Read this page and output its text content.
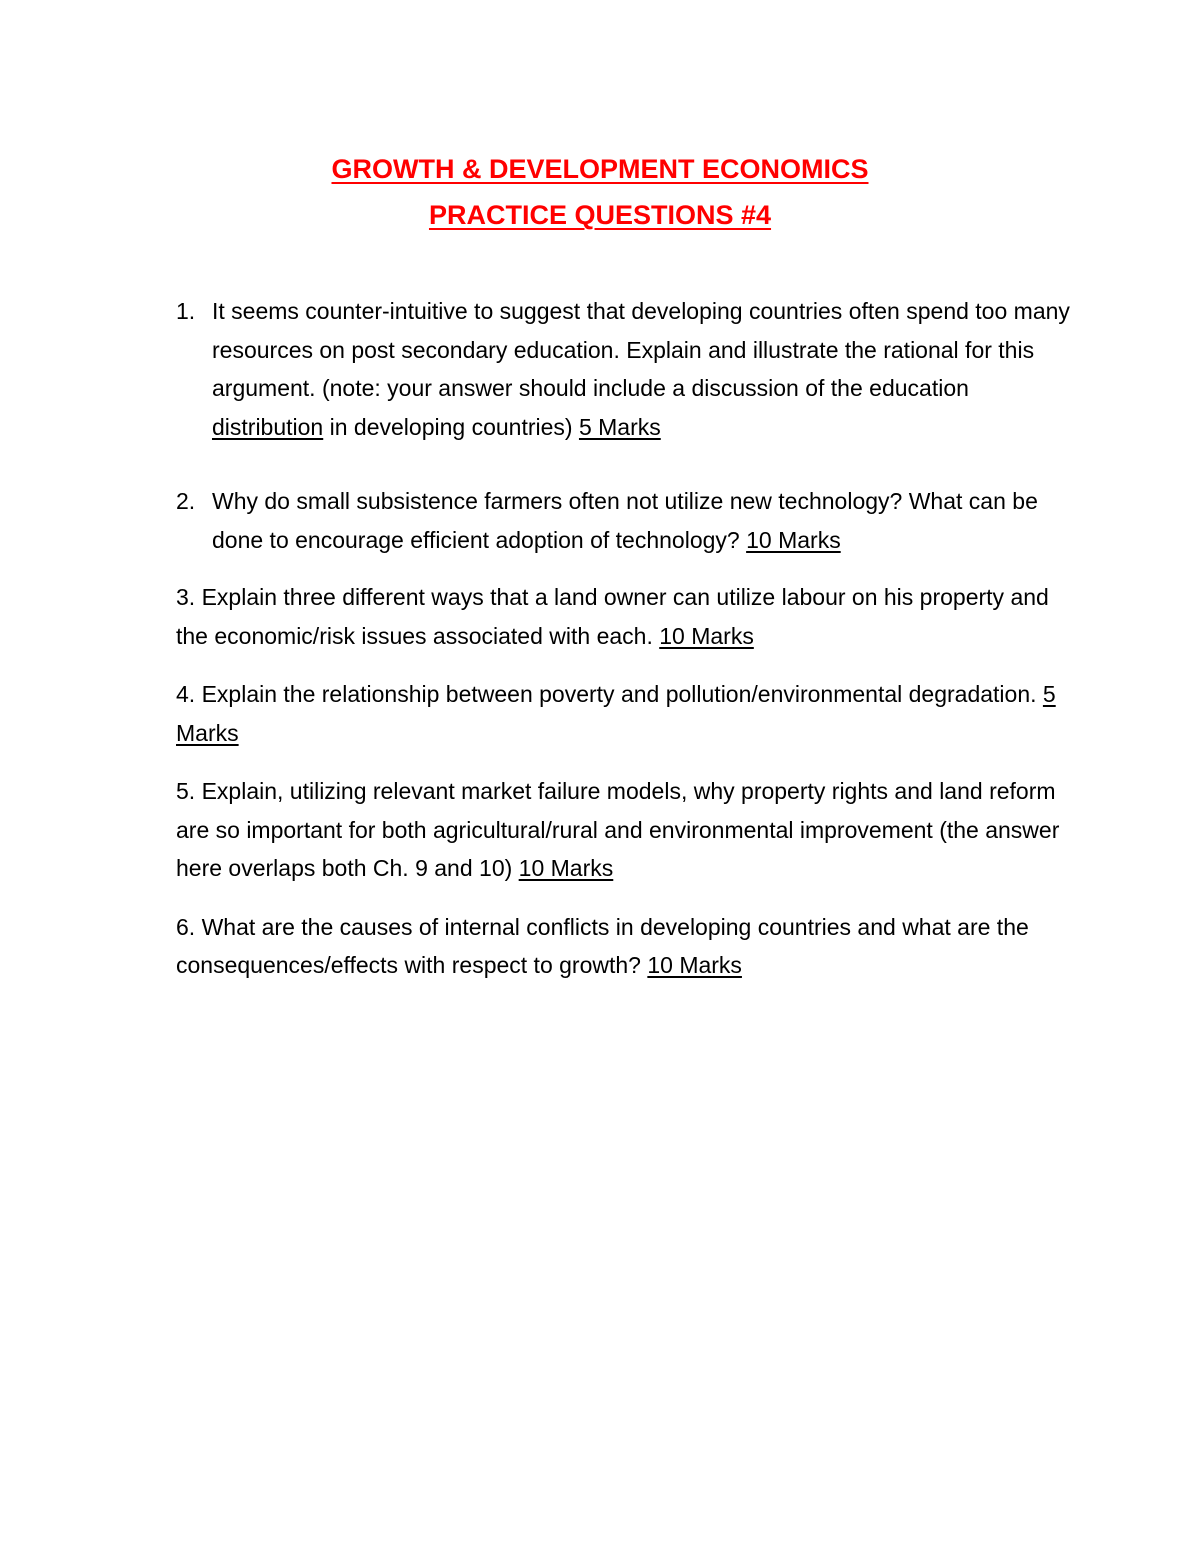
GROWTH & DEVELOPMENT ECONOMICS
PRACTICE QUESTIONS #4

1. It seems counter-intuitive to suggest that developing countries often spend too many resources on post secondary education. Explain and illustrate the rational for this argument. (note: your answer should include a discussion of the education distribution in developing countries) 5 Marks

2. Why do small subsistence farmers often not utilize new technology? What can be done to encourage efficient adoption of technology? 10 Marks

3. Explain three different ways that a land owner can utilize labour on his property and the economic/risk issues associated with each. 10 Marks

4. Explain the relationship between poverty and pollution/environmental degradation. 5 Marks

5. Explain, utilizing relevant market failure models, why property rights and land reform are so important for both agricultural/rural and environmental improvement (the answer here overlaps both Ch. 9 and 10) 10 Marks

6. What are the causes of internal conflicts in developing countries and what are the consequences/effects with respect to growth? 10 Marks
